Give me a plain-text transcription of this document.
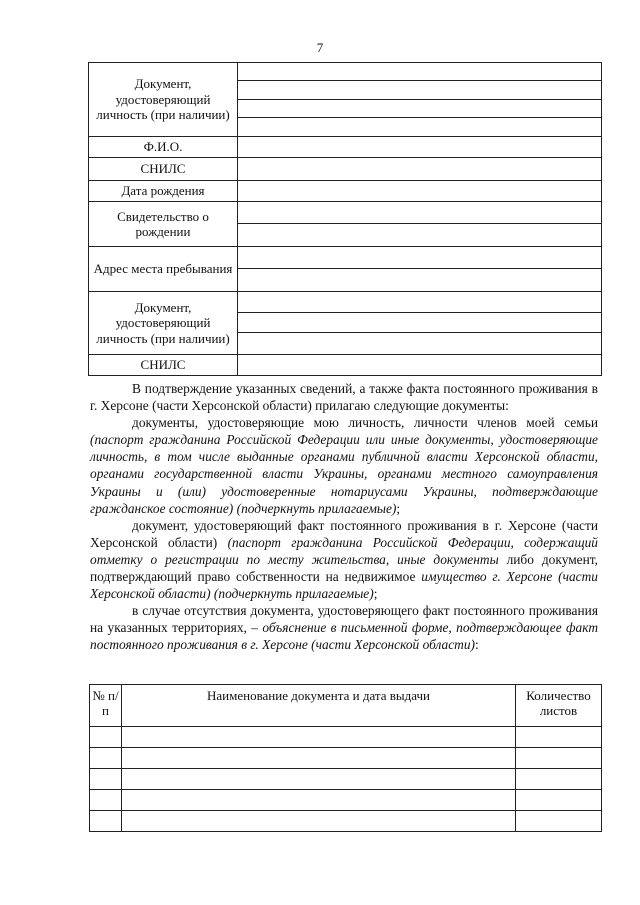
7
Документ, удостоверяющий личность (при наличии)	

Ф.И.О.	

СНИЛС	

Дата рождения	

Свидетельство о рождении	

Адрес места пребывания	

Документ, удостоверяющий личность (при наличии)	

СНИЛС	

В подтверждение указанных сведений, а также факта постоянного проживания в г. Херсоне (части Херсонской области) прилагаю следующие документы:

документы, удостоверяющие мою личность, личности членов моей семьи (паспорт гражданина Российской Федерации или иные документы, удостоверяющие личность, в том числе выданные органами публичной власти Херсонской области, органами государственной власти Украины, органами местного самоуправления Украины и (или) удостоверенные нотариусами Украины, подтверждающие гражданское состояние) (подчеркнуть прилагаемые);

документ, удостоверяющий факт постоянного проживания в г. Херсоне (части Херсонской области) (паспорт гражданина Российской Федерации, содержащий отметку о регистрации по месту жительства, иные документы либо документ, подтверждающий право собственности на недвижимое имущество г. Херсоне (части Херсонской области) (подчеркнуть прилагаемые);

в случае отсутствия документа, удостоверяющего факт постоянного проживания на указанных территориях, – объяснение в письменной форме, подтверждающее факт постоянного проживания в г. Херсоне (части Херсонской области):

№ п/п	Наименование документа и дата выдачи	Количество листов
